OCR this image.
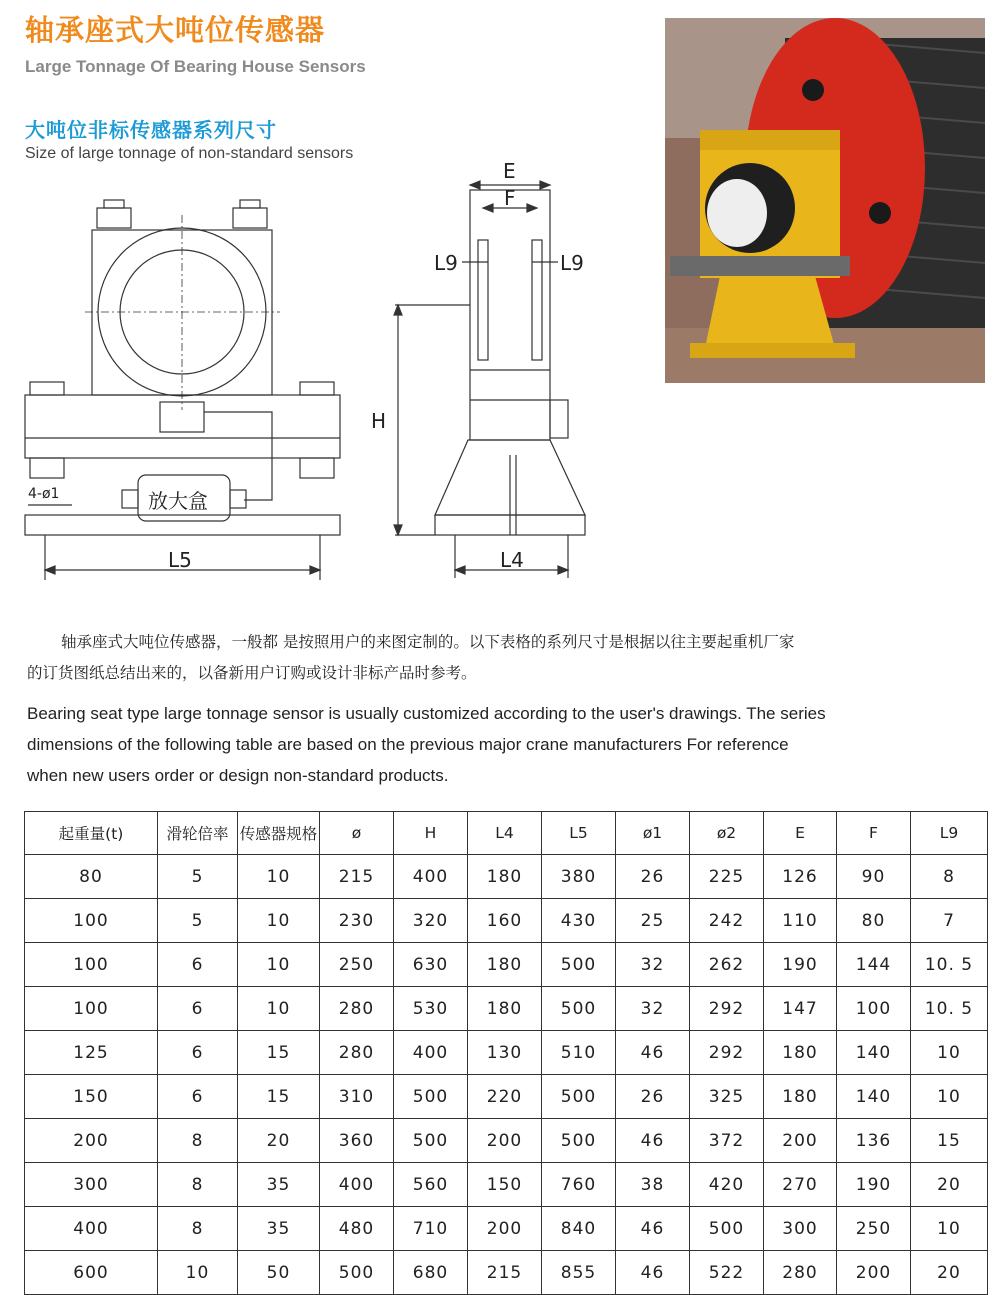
轴承座式大吨位传感器
Large Tonnage Of Bearing House Sensors
大吨位非标传感器系列尺寸
Size of large tonnage of non-standard sensors
4-ø1	放大盒
L5	L4
H
E
F
L9	L9

轴承座式大吨位传感器，一般都 是按照用户的来图定制的。以下表格的系列尺寸是根据以往主要起重机厂家

的订货图纸总结出来的，以备新用户订购或设计非标产品时参考。

Bearing seat type large tonnage sensor is usually customized according to the user's drawings. The series

dimensions of the following table are based on the previous major crane manufacturers For reference

when new users order or design non-standard products.

起重量(t)	滑轮倍率	传感器规格	ø	H	L4	L5	ø1	ø2	E	F	L9
80	5	10	215	400	180	380	26	225	126	90	8
100	5	10	230	320	160	430	25	242	110	80	7
100	6	10	250	630	180	500	32	262	190	144	10. 5
100	6	10	280	530	180	500	32	292	147	100	10. 5
125	6	15	280	400	130	510	46	292	180	140	10
150	6	15	310	500	220	500	26	325	180	140	10
200	8	20	360	500	200	500	46	372	200	136	15
300	8	35	400	560	150	760	38	420	270	190	20
400	8	35	480	710	200	840	46	500	300	250	10
600	10	50	500	680	215	855	46	522	280	200	20
